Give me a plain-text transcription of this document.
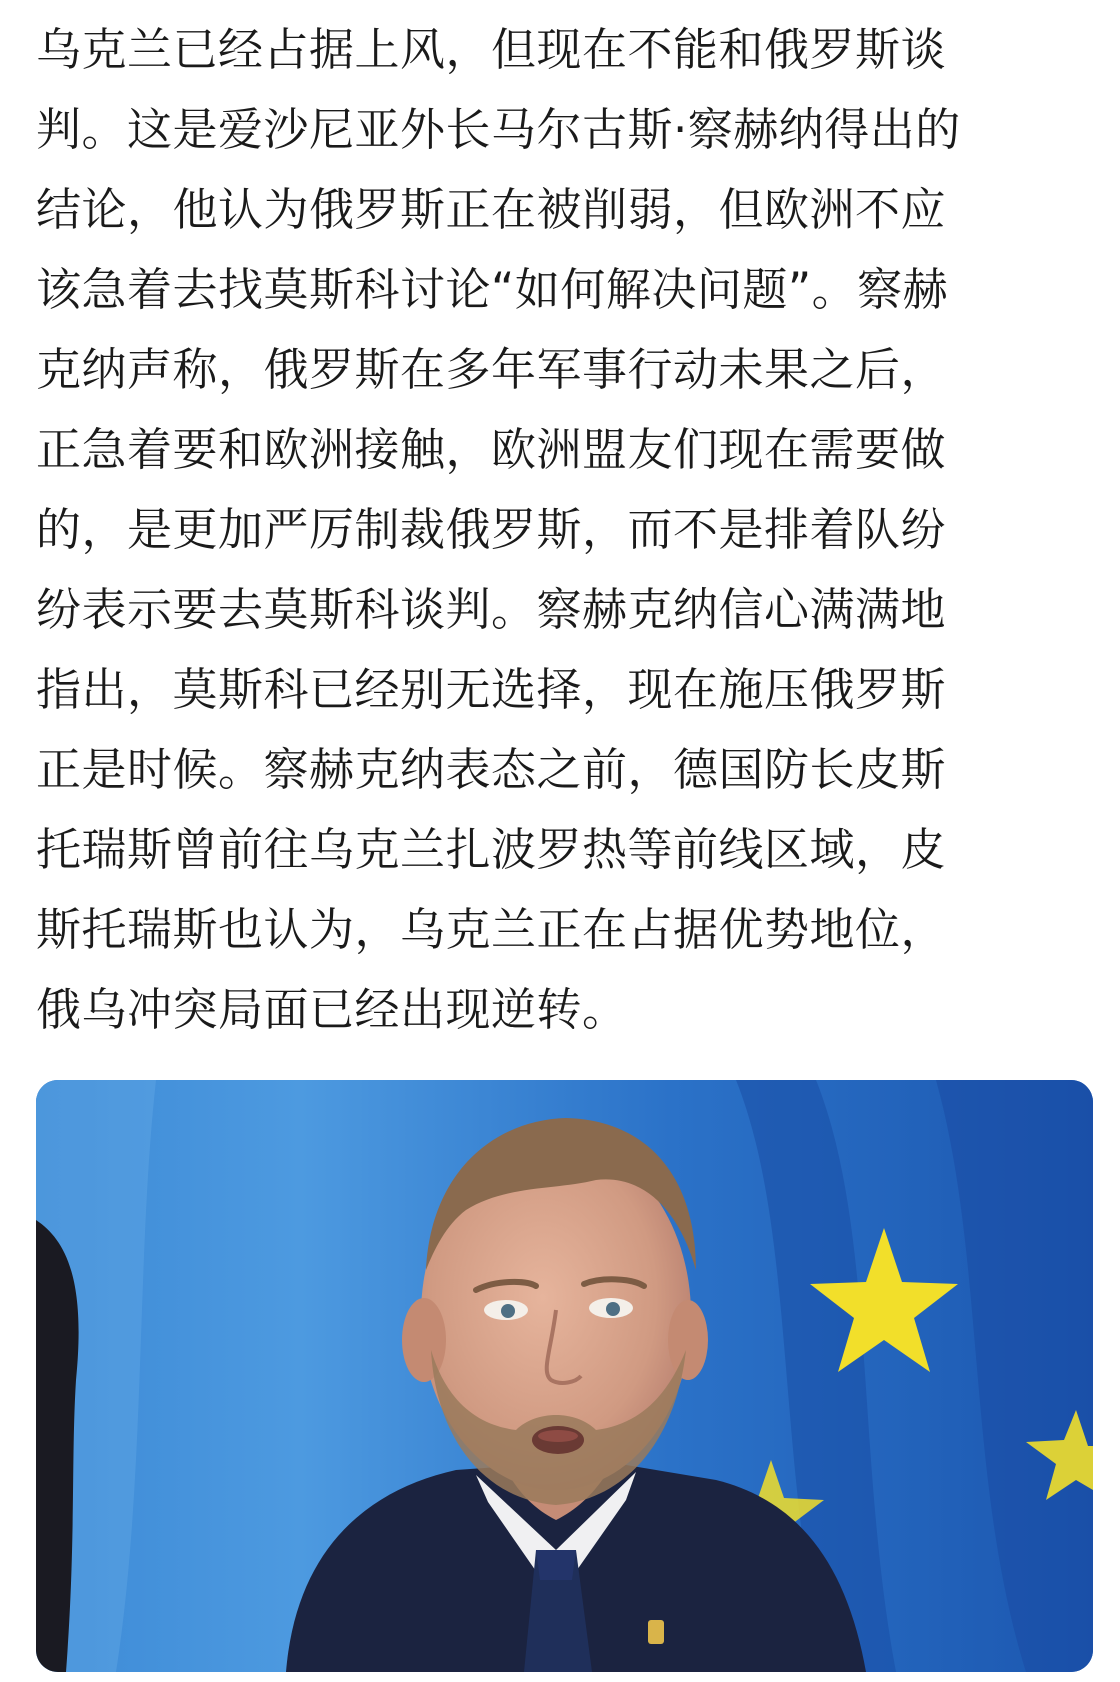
乌克兰已经占据上风，但现在不能和俄罗斯谈
判。这是爱沙尼亚外长马尔古斯·察赫纳得出的
结论，他认为俄罗斯正在被削弱，但欧洲不应
该急着去找莫斯科讨论“如何解决问题”。察赫
克纳声称，俄罗斯在多年军事行动未果之后，
正急着要和欧洲接触，欧洲盟友们现在需要做
的，是更加严厉制裁俄罗斯，而不是排着队纷
纷表示要去莫斯科谈判。察赫克纳信心满满地
指出，莫斯科已经别无选择，现在施压俄罗斯
正是时候。察赫克纳表态之前，德国防长皮斯
托瑞斯曾前往乌克兰扎波罗热等前线区域，皮
斯托瑞斯也认为，乌克兰正在占据优势地位，
俄乌冲突局面已经出现逆转。
